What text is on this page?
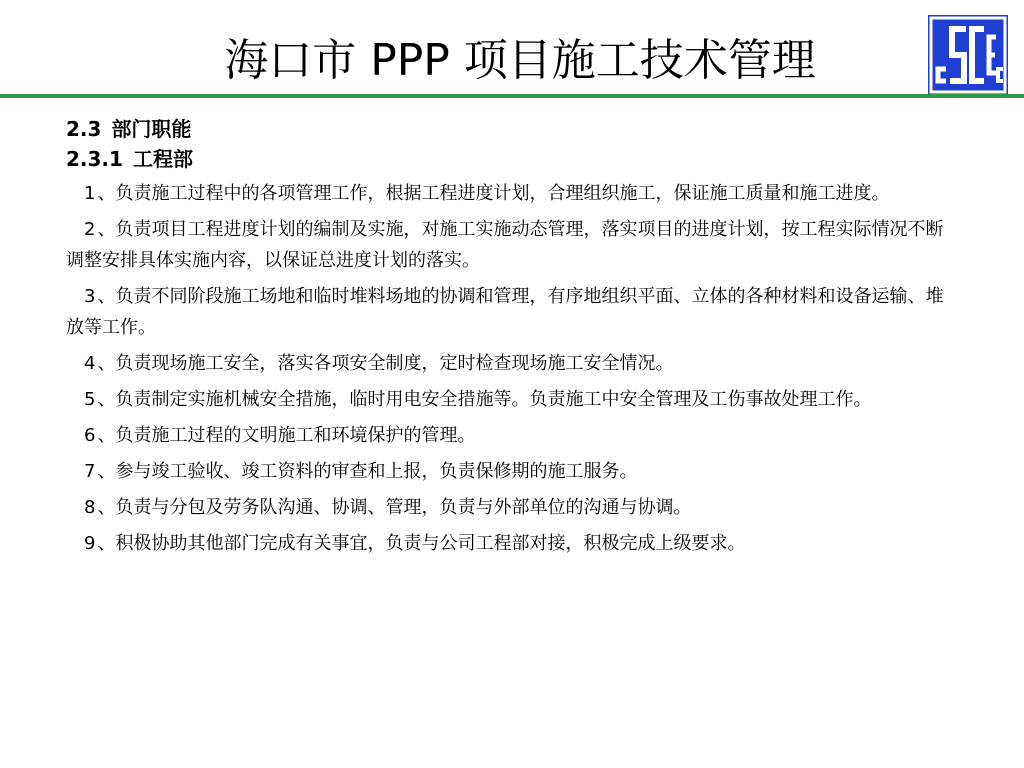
海口市 PPP 项目施工技术管理
2.3 部门职能
2.3.1 工程部
1 、负责施工过程中的各项管理工作，根据工程进度计划，合理组织施工，保证施工质量和施工进度。
2 、负责项目工程进度计划的编制及实施，对施工实施动态管理，落实项目的进度计划，按工程实际情况不断调整安排具体实施内容，以保证总进度计划的落实。
3 、负责不同阶段施工场地和临时堆料场地的协调和管理，有序地组织平面、立体的各种材料和设备运输、堆放等工作。
4 、负责现场施工安全，落实各项安全制度，定时检查现场施工安全情况。
5 、负责制定实施机械安全措施，临时用电安全措施等。负责施工中安全管理及工伤事故处理工作。
6 、负责施工过程的文明施工和环境保护的管理。
7 、参与竣工验收、竣工资料的审查和上报，负责保修期的施工服务。
8 、负责与分包及劳务队沟通、协调、管理，负责与外部单位的沟通与协调。
9 、积极协助其他部门完成有关事宜，负责与公司工程部对接，积极完成上级要求。
